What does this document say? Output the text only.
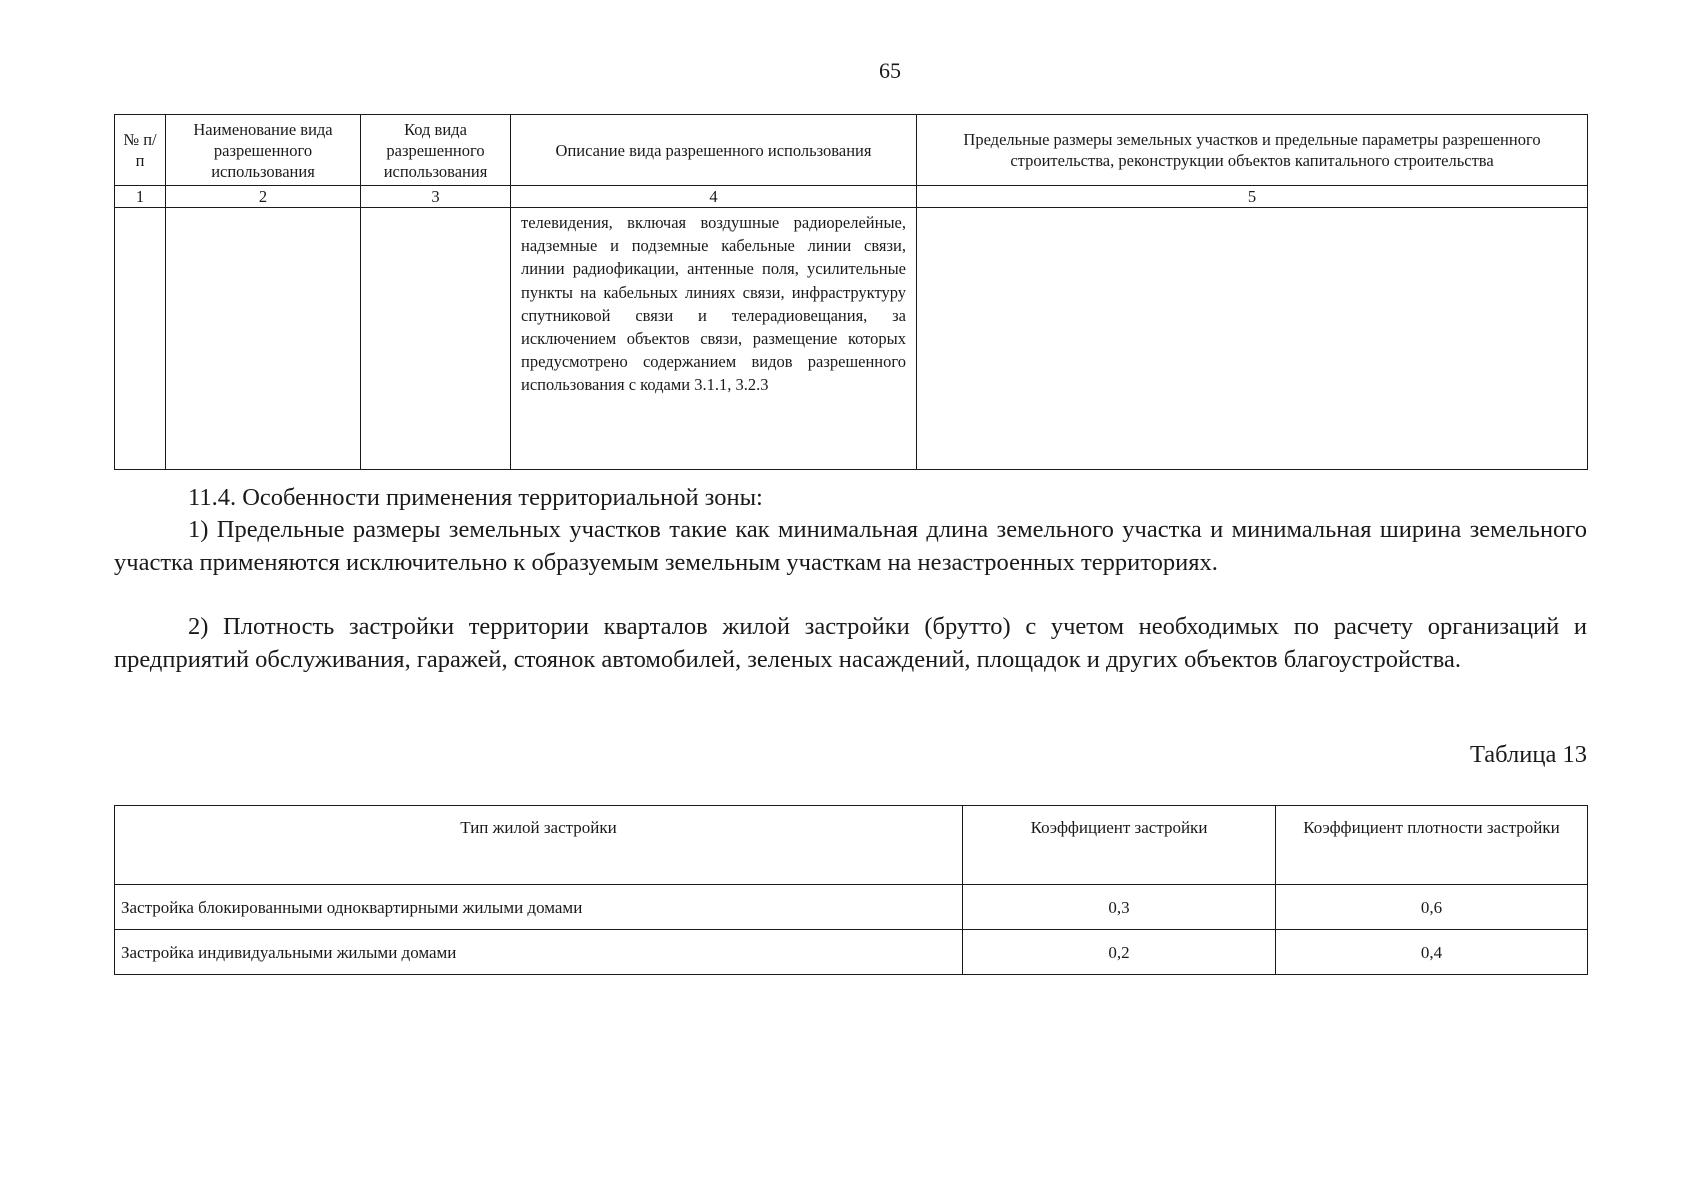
65
№ п/п	Наименование вида разрешенного использования	Код вида разрешенного использования	Описание вида разрешенного использования	Предельные размеры земельных участков и предельные параметры разрешенного строительства, реконструкции объектов капитального строительства
1	2	3	4	5
			телевидения, включая воздушные радиорелейные, надземные и подземные кабельные линии связи, линии радиофикации, антенные поля, усилительные пункты на кабельных линиях связи, инфраструктуру спутниковой связи и телерадиовещания, за исключением объектов связи, размещение которых предусмотрено содержанием видов разрешенного использования с кодами 3.1.1, 3.2.3	
11.4. Особенности применения территориальной зоны:
1) Предельные размеры земельных участков такие как минимальная длина земельного участка и минимальная ширина земельного участка применяются исключительно к образуемым земельным участкам на незастроенных территориях.
2) Плотность застройки территории кварталов жилой застройки (брутто) с учетом необходимых по расчету организаций и предприятий обслуживания, гаражей, стоянок автомобилей, зеленых насаждений, площадок и других объектов благоустройства.
Таблица 13
Тип жилой застройки	Коэффициент застройки	Коэффициент плотности застройки
Застройка блокированными одноквартирными жилыми домами	0,3	0,6
Застройка индивидуальными жилыми домами	0,2	0,4
